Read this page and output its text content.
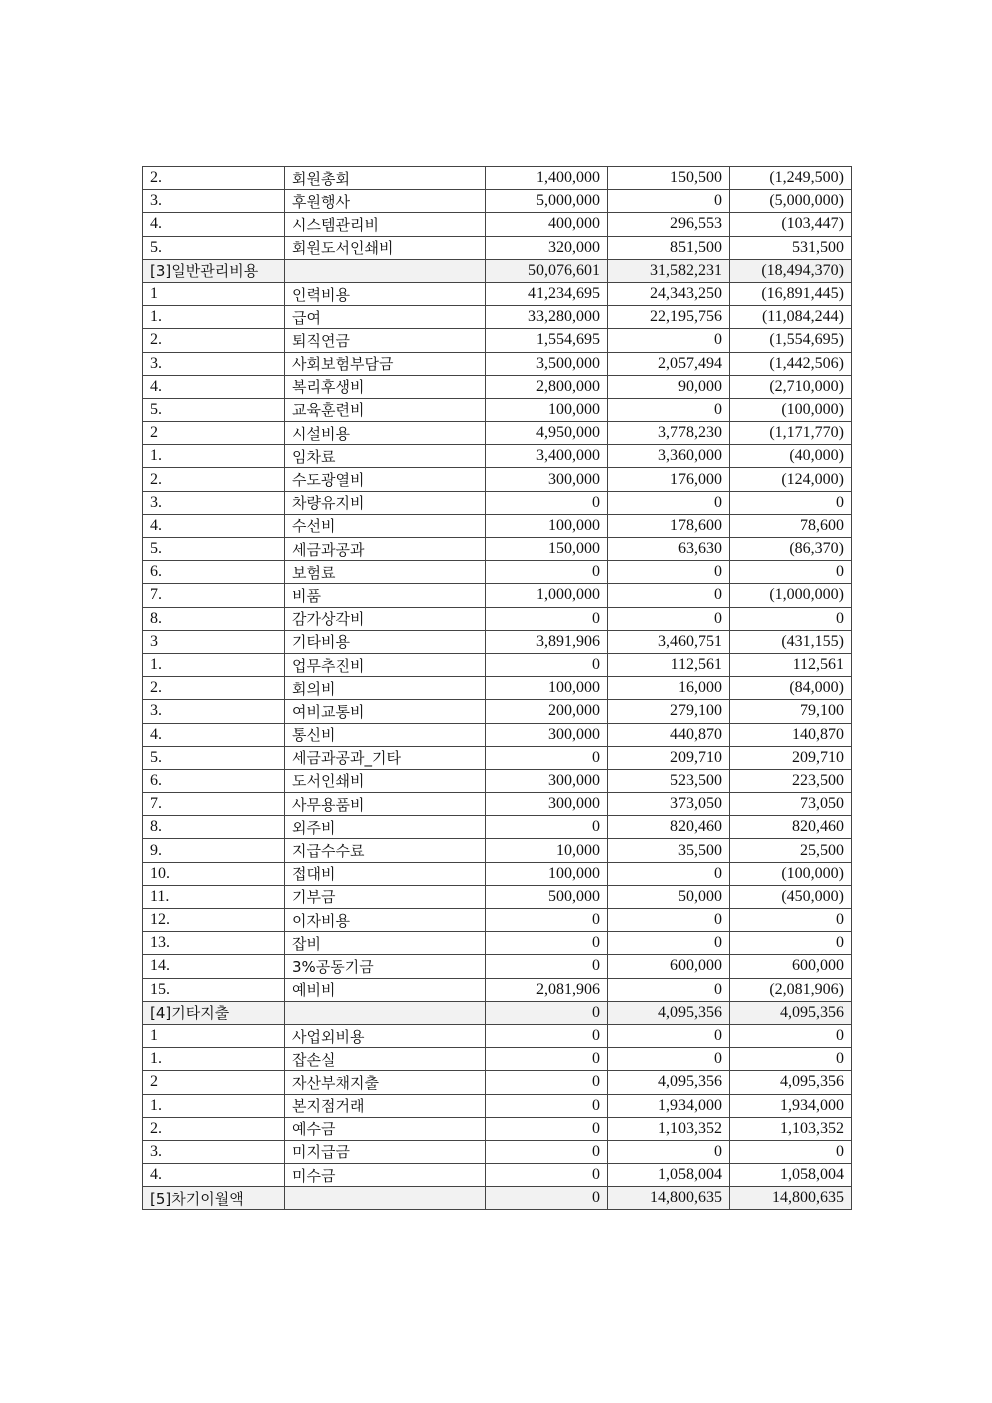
2.	회원총회	1,400,000	150,500	(1,249,500)
3.	후원행사	5,000,000	0	(5,000,000)
4.	시스템관리비	400,000	296,553	(103,447)
5.	회원도서인쇄비	320,000	851,500	531,500
[3]일반관리비용		50,076,601	31,582,231	(18,494,370)
1	인력비용	41,234,695	24,343,250	(16,891,445)
1.	급여	33,280,000	22,195,756	(11,084,244)
2.	퇴직연금	1,554,695	0	(1,554,695)
3.	사회보험부담금	3,500,000	2,057,494	(1,442,506)
4.	복리후생비	2,800,000	90,000	(2,710,000)
5.	교육훈련비	100,000	0	(100,000)
2	시설비용	4,950,000	3,778,230	(1,171,770)
1.	임차료	3,400,000	3,360,000	(40,000)
2.	수도광열비	300,000	176,000	(124,000)
3.	차량유지비	0	0	0
4.	수선비	100,000	178,600	78,600
5.	세금과공과	150,000	63,630	(86,370)
6.	보험료	0	0	0
7.	비품	1,000,000	0	(1,000,000)
8.	감가상각비	0	0	0
3	기타비용	3,891,906	3,460,751	(431,155)
1.	업무추진비	0	112,561	112,561
2.	회의비	100,000	16,000	(84,000)
3.	여비교통비	200,000	279,100	79,100
4.	통신비	300,000	440,870	140,870
5.	세금과공과_기타	0	209,710	209,710
6.	도서인쇄비	300,000	523,500	223,500
7.	사무용품비	300,000	373,050	73,050
8.	외주비	0	820,460	820,460
9.	지급수수료	10,000	35,500	25,500
10.	접대비	100,000	0	(100,000)
11.	기부금	500,000	50,000	(450,000)
12.	이자비용	0	0	0
13.	잡비	0	0	0
14.	3%공동기금	0	600,000	600,000
15.	예비비	2,081,906	0	(2,081,906)
[4]기타지출		0	4,095,356	4,095,356
1	사업외비용	0	0	0
1.	잡손실	0	0	0
2	자산부채지출	0	4,095,356	4,095,356
1.	본지점거래	0	1,934,000	1,934,000
2.	예수금	0	1,103,352	1,103,352
3.	미지급금	0	0	0
4.	미수금	0	1,058,004	1,058,004
[5]차기이월액		0	14,800,635	14,800,635
